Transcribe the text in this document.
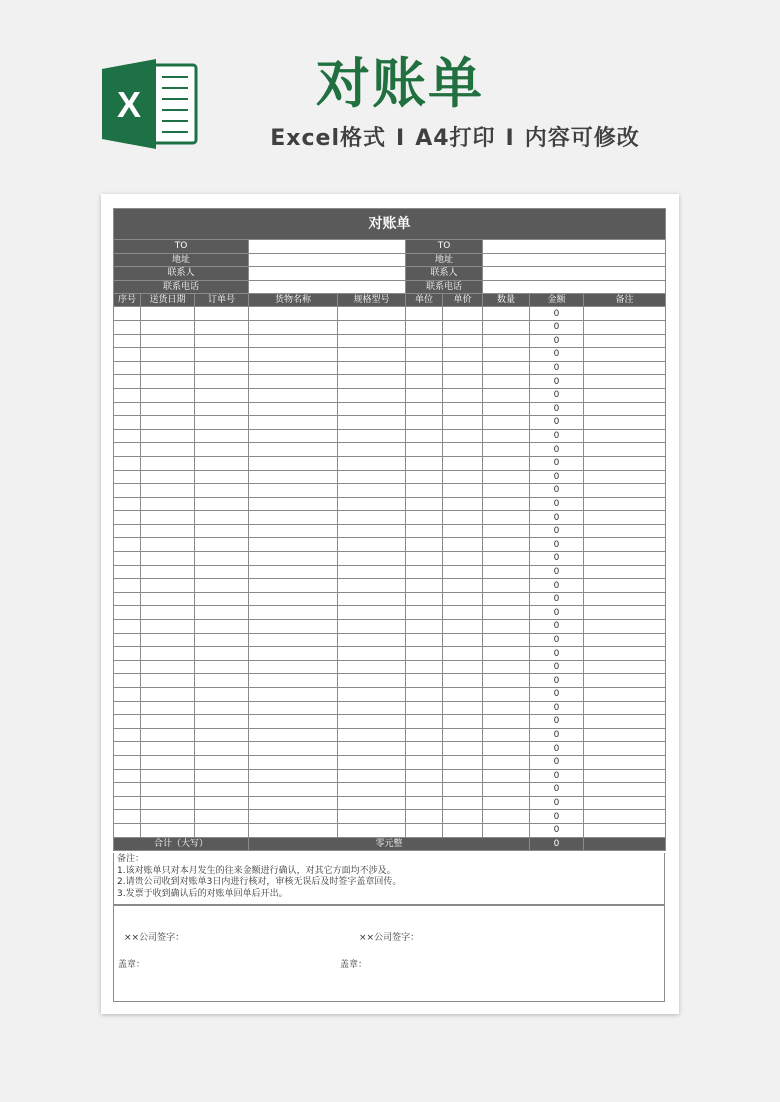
X	对账单
Excel格式 I A4打印 I 内容可修改
对账单									
TO					TO				
地址					地址				
联系人					联系人				
联系电话					联系电话				
序号	送货日期	订单号	货物名称	规格型号	单位	单价	数量	金额	备注
								0	
								0	
								0	
								0	
								0	
								0	
								0	
								0	
								0	
								0	
								0	
								0	
								0	
								0	
								0	
								0	
								0	
								0	
								0	
								0	
								0	
								0	
								0	
								0	
								0	
								0	
								0	
								0	
								0	
								0	
								0	
								0	
								0	
								0	
								0	
								0	
								0	
								0	
								0	
合计（大写）			零元整					0	
备注：
1.该对账单只对本月发生的往来金额进行确认，对其它方面均不涉及。
2.请贵公司收到对账单3日内进行核对，审核无误后及时签字盖章回传。
3.发票于收到确认后的对账单回单后开出。
××公司签字：	××公司签字：
盖章：	盖章：
